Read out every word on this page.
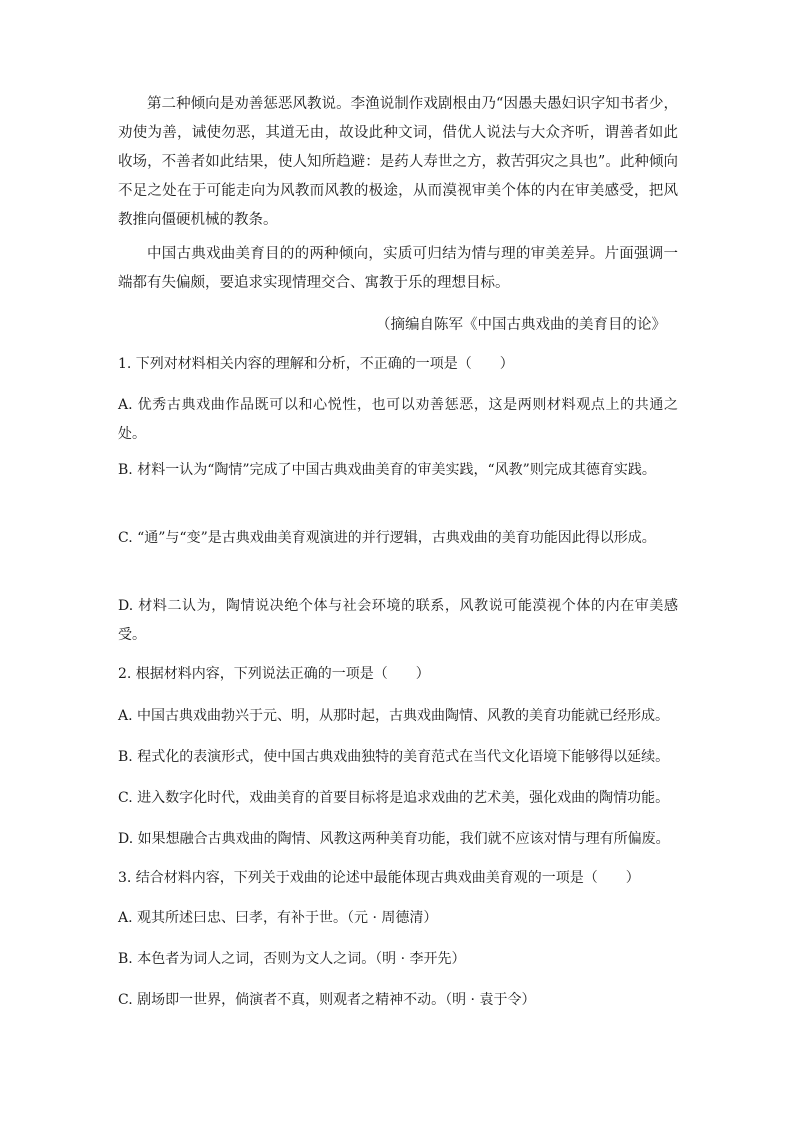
第二种倾向是劝善惩恶风教说。李渔说制作戏剧根由乃“因愚夫愚妇识字知书者少，劝使为善，诫使勿恶，其道无由，故设此种文词，借优人说法与大众齐听，谓善者如此收场，不善者如此结果，使人知所趋避：是药人寿世之方，救苦弭灾之具也”。此种倾向不足之处在于可能走向为风教而风教的极途，从而漠视审美个体的内在审美感受，把风教推向僵硬机械的教条。

中国古典戏曲美育目的的两种倾向，实质可归结为情与理的审美差异。片面强调一端都有失偏颇，要追求实现情理交合、寓教于乐的理想目标。

（摘编自陈军《中国古典戏曲的美育目的论》

1. 下列对材料相关内容的理解和分析，不正确的一项是（　　）

A. 优秀古典戏曲作品既可以和心悦性，也可以劝善惩恶，这是两则材料观点上的共通之处。

B. 材料一认为“陶情”完成了中国古典戏曲美育的审美实践，“风教”则完成其德育实践。

C. “通”与“变”是古典戏曲美育观演进的并行逻辑，古典戏曲的美育功能因此得以形成。

D. 材料二认为，陶情说决绝个体与社会环境的联系，风教说可能漠视个体的内在审美感受。

2. 根据材料内容，下列说法正确的一项是（　　）

A. 中国古典戏曲勃兴于元、明，从那时起，古典戏曲陶情、风教的美育功能就已经形成。

B. 程式化的表演形式，使中国古典戏曲独特的美育范式在当代文化语境下能够得以延续。

C. 进入数字化时代，戏曲美育的首要目标将是追求戏曲的艺术美，强化戏曲的陶情功能。

D. 如果想融合古典戏曲的陶情、风教这两种美育功能，我们就不应该对情与理有所偏废。

3. 结合材料内容，下列关于戏曲的论述中最能体现古典戏曲美育观的一项是（　　）

A. 观其所述曰忠、曰孝，有补于世。（元 · 周德清）

B. 本色者为词人之词，否则为文人之词。（明 · 李开先）

C. 剧场即一世界，倘演者不真，则观者之精神不动。（明 · 袁于令）
